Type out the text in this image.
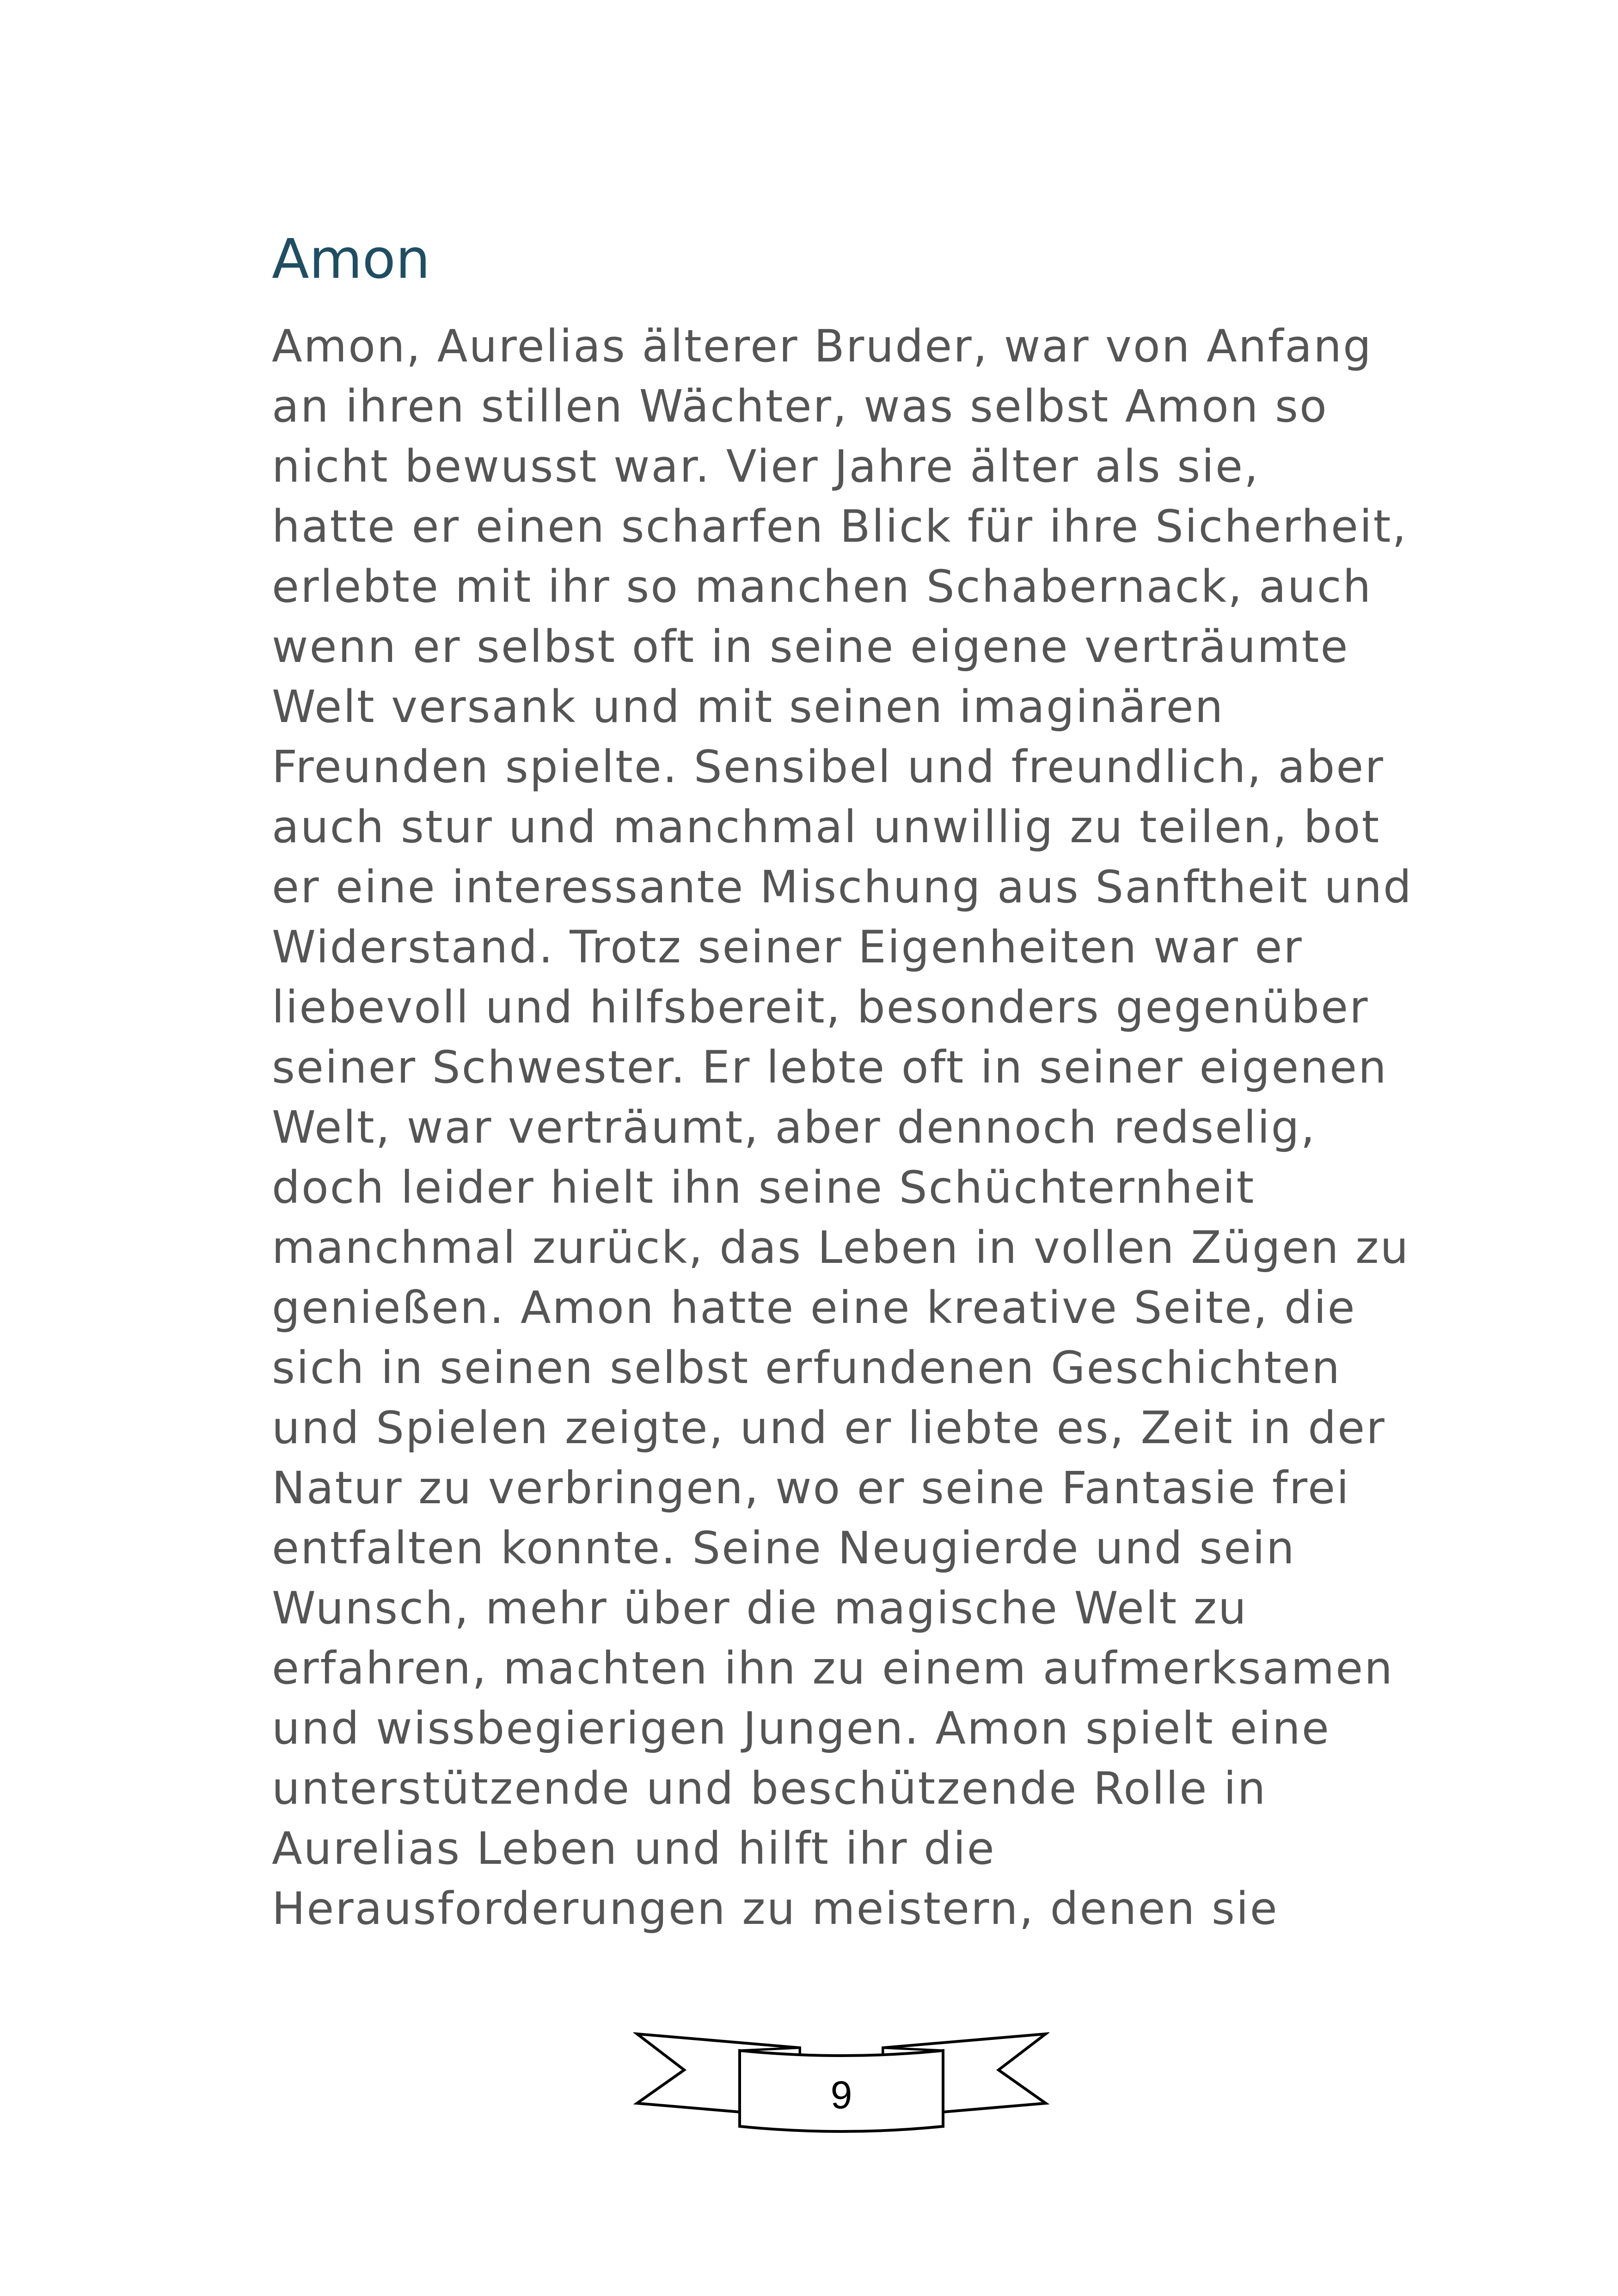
Amon
Amon, Aurelias älterer Bruder, war von Anfang
an ihren stillen Wächter, was selbst Amon so
nicht bewusst war. Vier Jahre älter als sie,
hatte er einen scharfen Blick für ihre Sicherheit,
erlebte mit ihr so manchen Schabernack, auch
wenn er selbst oft in seine eigene verträumte
Welt versank und mit seinen imaginären
Freunden spielte. Sensibel und freundlich, aber
auch stur und manchmal unwillig zu teilen, bot
er eine interessante Mischung aus Sanftheit und
Widerstand. Trotz seiner Eigenheiten war er
liebevoll und hilfsbereit, besonders gegenüber
seiner Schwester. Er lebte oft in seiner eigenen
Welt, war verträumt, aber dennoch redselig,
doch leider hielt ihn seine Schüchternheit
manchmal zurück, das Leben in vollen Zügen zu
genießen. Amon hatte eine kreative Seite, die
sich in seinen selbst erfundenen Geschichten
und Spielen zeigte, und er liebte es, Zeit in der
Natur zu verbringen, wo er seine Fantasie frei
entfalten konnte. Seine Neugierde und sein
Wunsch, mehr über die magische Welt zu
erfahren, machten ihn zu einem aufmerksamen
und wissbegierigen Jungen. Amon spielt eine
unterstützende und beschützende Rolle in
Aurelias Leben und hilft ihr die
Herausforderungen zu meistern, denen sie
9
